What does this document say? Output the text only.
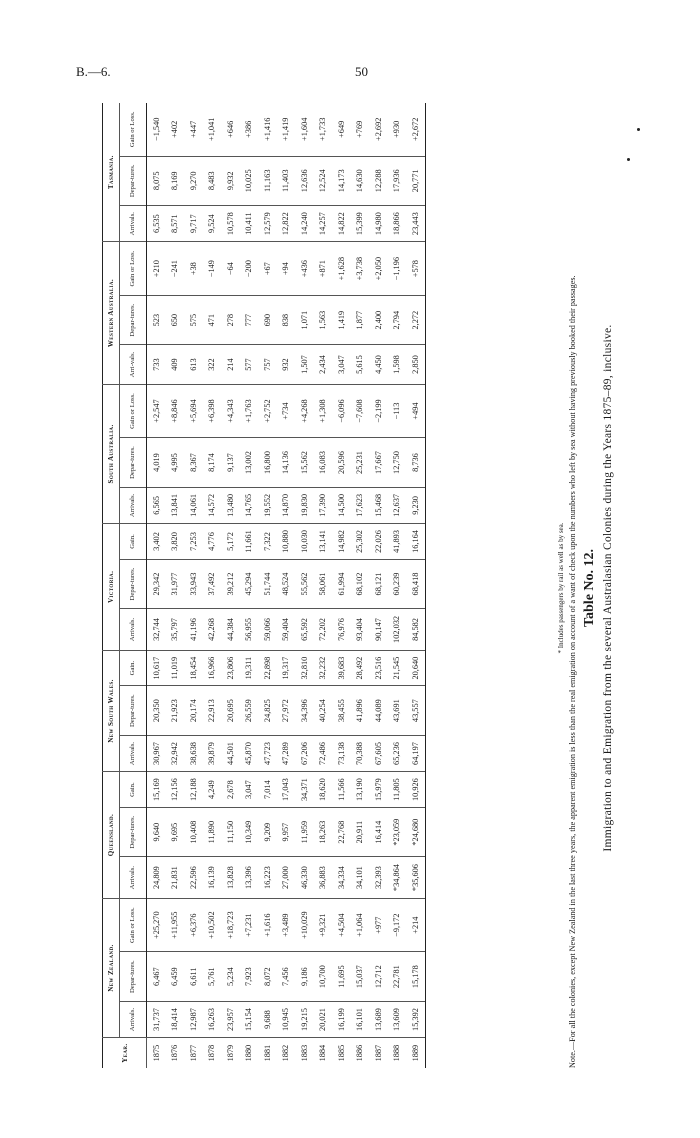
B.—6.	50
Year.	New Zealand.			Queensland.			New South Wales.			Victoria.			South Australia.			Western Australia.			Tasmania.		
	Arrivals.	Depar-tures.	Gain or Loss.	Arrivals.	Depar-tures.	Gain.	Arrivals.	Depar-tures.	Gain.	Arrivals.	Depar-tures.	Gain.	Arrivals.	Depar-tures.	Gain or Loss.	Arri-vals.	Depar-tures.	Gain or Loss.	Arrivals.	Depar-tures.	Gain or Loss.
1875	31,737	6,467	+25,270	24,809	9,640	15,169	30,967	20,350	10,617	32,744	29,342	3,402	6,565	4,019	+2,547	733	523	+210	6,535	8,075	−1,540
1876	18,414	6,459	+11,955	21,831	9,695	12,156	32,942	21,923	11,019	35,797	31,977	3,820	13,841	4,995	+8,846	409	650	−241	8,571	8,169	+402
1877	12,987	6,611	+6,376	22,596	10,408	12,188	38,638	20,174	18,454	41,196	33,943	7,253	14,061	8,367	+5,694	613	575	+38	9,717	9,270	+447
1878	16,263	5,761	+10,502	16,139	11,890	4,249	39,879	22,913	16,966	42,268	37,492	4,776	14,572	8,174	+6,398	322	471	−149	9,524	8,483	+1,041
1879	23,957	5,234	+18,723	13,828	11,150	2,678	44,501	20,695	23,806	44,384	39,212	5,172	13,480	9,137	+4,343	214	278	−64	10,578	9,932	+646
1880	15,154	7,923	+7,231	13,396	10,349	3,047	45,870	26,559	19,311	56,955	45,294	11,661	14,765	13,002	+1,763	577	777	−200	10,411	10,025	+386
1881	9,688	8,072	+1,616	16,223	9,209	7,014	47,723	24,825	22,898	59,066	51,744	7,322	19,552	16,800	+2,752	757	690	+67	12,579	11,163	+1,416
1882	10,945	7,456	+3,489	27,000	9,957	17,043	47,289	27,972	19,317	59,404	48,524	10,880	14,870	14,136	+734	932	838	+94	12,822	11,403	+1,419
1883	19,215	9,186	+10,029	46,330	11,959	34,371	67,206	34,396	32,810	65,592	55,562	10,030	19,830	15,562	+4,268	1,507	1,071	+436	14,240	12,636	+1,604
1884	20,021	10,700	+9,321	36,883	18,263	18,620	72,486	40,254	32,232	72,202	58,061	13,141	17,390	16,083	+1,308	2,434	1,563	+871	14,257	12,524	+1,733
1885	16,199	11,695	+4,504	34,334	22,768	11,566	73,138	38,455	39,683	76,976	61,994	14,982	14,500	20,596	−6,096	3,047	1,419	+1,628	14,822	14,173	+649
1886	16,101	15,037	+1,064	34,101	20,911	13,190	70,388	41,896	28,492	93,404	68,102	25,302	17,623	25,231	−7,608	5,615	1,877	+3,738	15,399	14,630	+769
1887	13,689	12,712	+977	32,393	16,414	15,979	67,605	44,089	23,516	90,147	68,121	22,026	15,468	17,667	−2,199	4,450	2,400	+2,050	14,980	12,288	+2,692
1888	13,609	22,781	−9,172	*34,864	*23,059	11,805	65,236	43,691	21,545	102,032	60,239	41,893	12,637	12,750	−113	1,598	2,794	−1,196	18,866	17,936	+930
1889	15,392	15,178	+214	*35,606	*24,680	10,926	64,197	43,557	20,640	84,582	68,418	16,164	9,230	8,736	+494	2,850	2,272	+578	23,443	20,771	+2,672
* Includes passengers by rail as well as by sea. Note.—For all the colonies, except New Zealand in the last three years, the apparent emigration is less than the real emigration on account of a want of check upon the numbers who left by sea without having previously booked their passages. Table No. 12. Immigration to and Emigration from the several Australasian Colonies during the Years 1875–89, inclusive.
